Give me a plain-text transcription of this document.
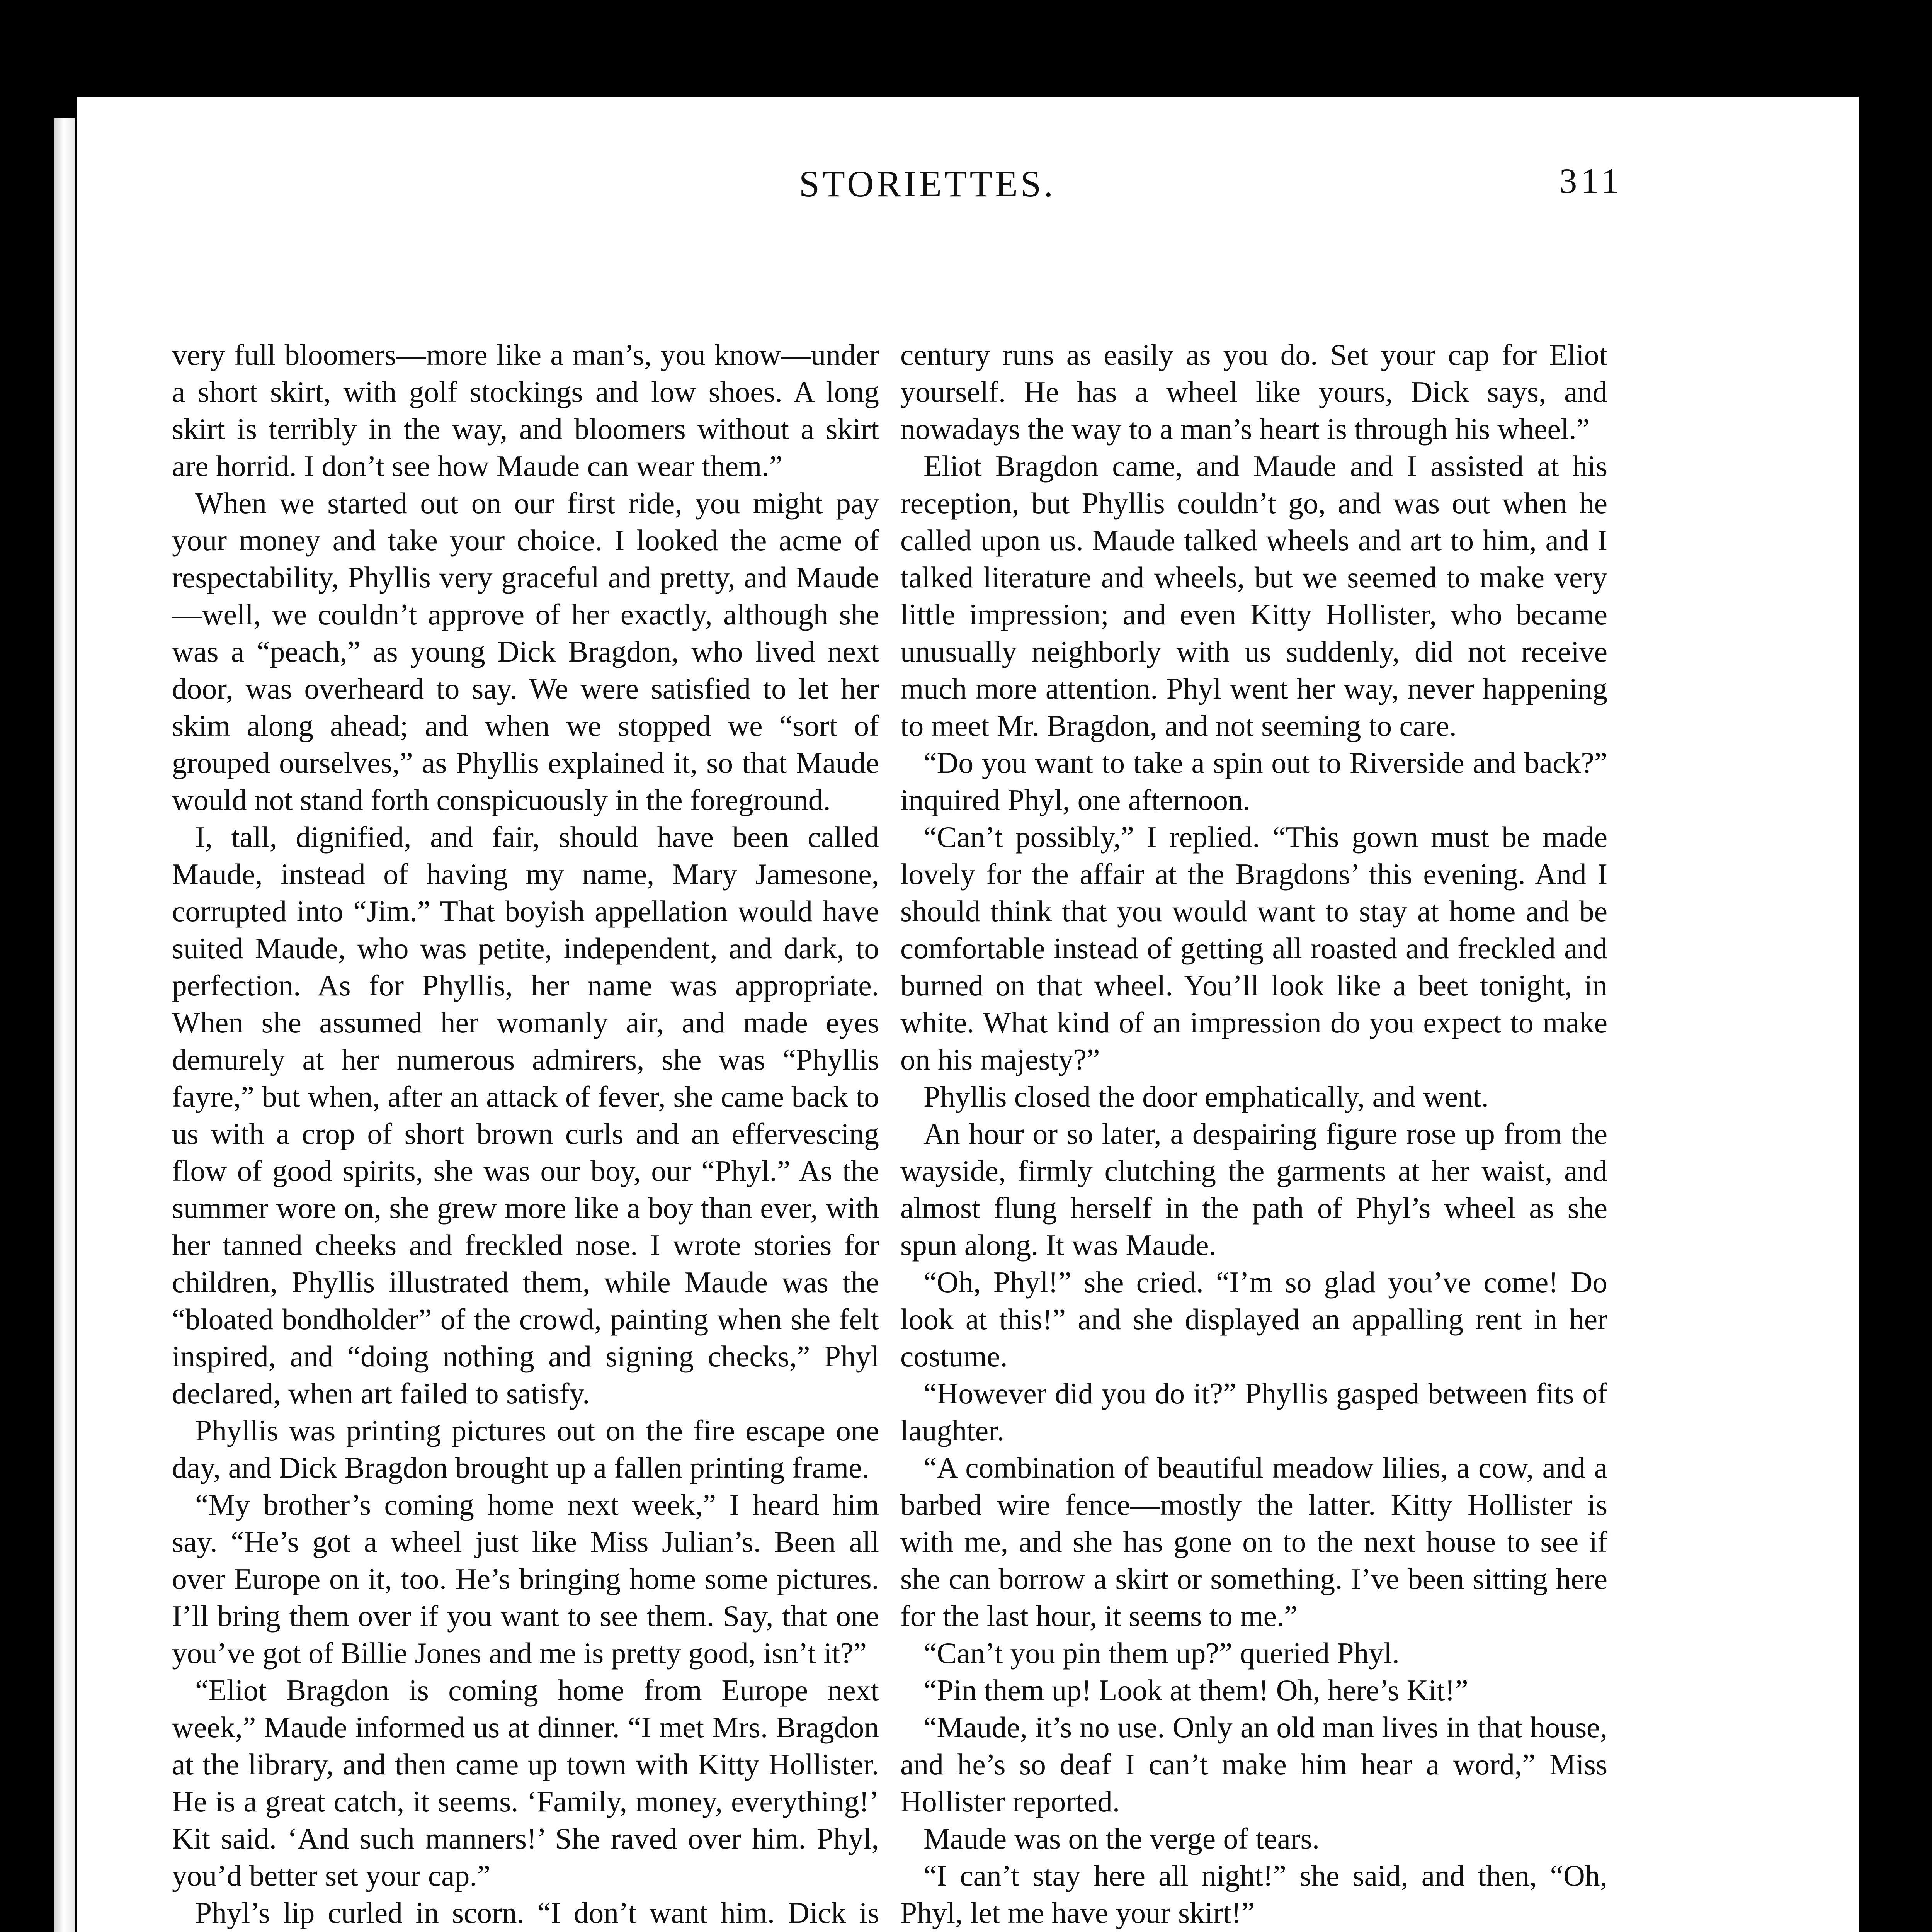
STORIETTES.	311

very full bloomers—more like a man’s, you know—under a short skirt, with golf stockings and low shoes. A long skirt is terribly in the way, and bloomers without a skirt are horrid. I don’t see how Maude can wear them.”

When we started out on our first ride, you might pay your money and take your choice. I looked the acme of respectability, Phyllis very graceful and pretty, and Maude—well, we couldn’t approve of her exactly, although she was a “peach,” as young Dick Bragdon, who lived next door, was overheard to say. We were satisfied to let her skim along ahead; and when we stopped we “sort of grouped ourselves,” as Phyllis explained it, so that Maude would not stand forth conspicuously in the foreground.

I, tall, dignified, and fair, should have been called Maude, instead of having my name, Mary Jamesone, corrupted into “Jim.” That boyish appellation would have suited Maude, who was petite, independent, and dark, to perfection. As for Phyllis, her name was appropriate. When she assumed her womanly air, and made eyes demurely at her numerous admirers, she was “Phyllis fayre,” but when, after an attack of fever, she came back to us with a crop of short brown curls and an effervescing flow of good spirits, she was our boy, our “Phyl.” As the summer wore on, she grew more like a boy than ever, with her tanned cheeks and freckled nose. I wrote stories for children, Phyllis illustrated them, while Maude was the “bloated bondholder” of the crowd, painting when she felt inspired, and “doing nothing and signing checks,” Phyl declared, when art failed to satisfy.

Phyllis was printing pictures out on the fire escape one day, and Dick Bragdon brought up a fallen printing frame.

“My brother’s coming home next week,” I heard him say. “He’s got a wheel just like Miss Julian’s. Been all over Europe on it, too. He’s bringing home some pictures. I’ll bring them over if you want to see them. Say, that one you’ve got of Billie Jones and me is pretty good, isn’t it?”

“Eliot Bragdon is coming home from Europe next week,” Maude informed us at dinner. “I met Mrs. Bragdon at the library, and then came up town with Kitty Hollister. He is a great catch, it seems. ‘Family, money, everything!’ Kit said. ‘And such manners!’ She raved over him. Phyl, you’d better set your cap.”

Phyl’s lip curled in scorn. “I don’t want him. Dick is

century runs as easily as you do. Set your cap for Eliot yourself. He has a wheel like yours, Dick says, and nowadays the way to a man’s heart is through his wheel.”

Eliot Bragdon came, and Maude and I assisted at his reception, but Phyllis couldn’t go, and was out when he called upon us. Maude talked wheels and art to him, and I talked literature and wheels, but we seemed to make very little impression; and even Kitty Hollister, who became unusually neighborly with us suddenly, did not receive much more attention. Phyl went her way, never happening to meet Mr. Bragdon, and not seeming to care.

“Do you want to take a spin out to Riverside and back?” inquired Phyl, one afternoon.

“Can’t possibly,” I replied. “This gown must be made lovely for the affair at the Bragdons’ this evening. And I should think that you would want to stay at home and be comfortable instead of getting all roasted and freckled and burned on that wheel. You’ll look like a beet tonight, in white. What kind of an impression do you expect to make on his majesty?”

Phyllis closed the door emphatically, and went.

An hour or so later, a despairing figure rose up from the wayside, firmly clutching the garments at her waist, and almost flung herself in the path of Phyl’s wheel as she spun along. It was Maude.

“Oh, Phyl!” she cried. “I’m so glad you’ve come! Do look at this!” and she displayed an appalling rent in her costume.

“However did you do it?” Phyllis gasped between fits of laughter.

“A combination of beautiful meadow lilies, a cow, and a barbed wire fence—mostly the latter. Kitty Hollister is with me, and she has gone on to the next house to see if she can borrow a skirt or something. I’ve been sitting here for the last hour, it seems to me.”

“Can’t you pin them up?” queried Phyl.

“Pin them up! Look at them! Oh, here’s Kit!”

“Maude, it’s no use. Only an old man lives in that house, and he’s so deaf I can’t make him hear a word,” Miss Hollister reported.

Maude was on the verge of tears.

“I can’t stay here all night!” she said, and then, “Oh, Phyl, let me have your skirt!”
